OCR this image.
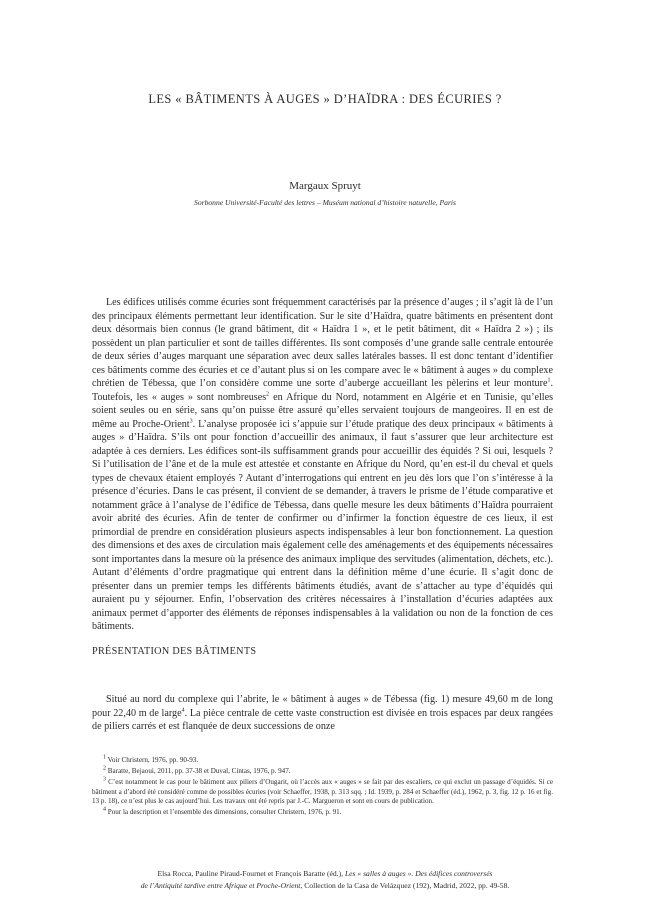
LES « BÂTIMENTS À AUGES » D’HAÏDRA : DES ÉCURIES ?
Margaux Spruyt
Sorbonne Université-Faculté des lettres – Muséum national d’histoire naturelle, Paris

Les édifices utilisés comme écuries sont fréquemment caractérisés par la présence d’auges ; il s’agit là de l’un des principaux éléments permettant leur identification. Sur le site d’Haïdra, quatre bâtiments en présentent dont deux désormais bien connus (le grand bâtiment, dit « Haïdra 1 », et le petit bâtiment, dit « Haïdra 2 ») ; ils possèdent un plan particulier et sont de tailles différentes. Ils sont composés d’une grande salle centrale entourée de deux séries d’auges marquant une séparation avec deux salles latérales basses. Il est donc tentant d’identifier ces bâtiments comme des écuries et ce d’autant plus si on les compare avec le « bâtiment à auges » du complexe chrétien de Tébessa, que l’on considère comme une sorte d’auberge accueillant les pèlerins et leur monture$^1$. Toutefois, les « auges » sont nombreuses$^2$ en Afrique du Nord, notamment en Algérie et en Tunisie, qu’elles soient seules ou en série, sans qu’on puisse être assuré qu’elles servaient toujours de mangeoires. Il en est de même au Proche-Orient$^3$. L’analyse proposée ici s’appuie sur l’étude pratique des deux principaux « bâtiments à auges » d’Haïdra. S’ils ont pour fonction d’accueillir des animaux, il faut s’assurer que leur architecture est adaptée à ces derniers. Les édifices sont-ils suffisamment grands pour accueillir des équidés ? Si oui, lesquels ? Si l’utilisation de l’âne et de la mule est attestée et constante en Afrique du Nord, qu’en est-il du cheval et quels types de chevaux étaient employés ? Autant d’interrogations qui entrent en jeu dès lors que l’on s’intéresse à la présence d’écuries. Dans le cas présent, il convient de se demander, à travers le prisme de l’étude comparative et notamment grâce à l’analyse de l’édifice de Tébessa, dans quelle mesure les deux bâtiments d’Haïdra pourraient avoir abrité des écuries. Afin de tenter de confirmer ou d’infirmer la fonction équestre de ces lieux, il est primordial de prendre en considération plusieurs aspects indispensables à leur bon fonctionnement. La question des dimensions et des axes de circulation mais également celle des aménagements et des équipements nécessaires sont importantes dans la mesure où la présence des animaux implique des servitudes (alimentation, déchets, etc.). Autant d’éléments d’ordre pragmatique qui entrent dans la définition même d’une écurie. Il s’agit donc de présenter dans un premier temps les différents bâtiments étudiés, avant de s’attacher au type d’équidés qui auraient pu y séjourner. Enfin, l’observation des critères nécessaires à l’installation d’écuries adaptées aux animaux permet d’apporter des éléments de réponses indispensables à la validation ou non de la fonction de ces bâtiments.

PRÉSENTATION DES BÂTIMENTS

Situé au nord du complexe qui l’abrite, le « bâtiment à auges » de Tébessa (fig. 1) mesure 49,60 m de long pour 22,40 m de large$^4$. La pièce centrale de cette vaste construction est divisée en trois espaces par deux rangées de piliers carrés et est flanquée de deux successions de onze

$^1$ Voir Christern, 1976, pp. 90-93.

$^2$ Baratte, Bejaoui, 2011, pp. 37-38 et Duval, Cintas, 1976, p. 947.

$^3$ C’est notamment le cas pour le bâtiment aux piliers d’Ougarit, où l’accès aux « auges » se fait par des escaliers, ce qui exclut un passage d’équidés. Si ce bâtiment a d’abord été considéré comme de possibles écuries (voir Schaeffer, 1938, p. 313 sqq. ; Id. 1939, p. 284 et Schaeffer (éd.), 1962, p. 3, fig. 12 p. 16 et fig. 13 p. 18), ce n’est plus le cas aujourd’hui. Les travaux ont été repris par J.-C. Margueron et sont en cours de publication.

$^4$ Pour la description et l’ensemble des dimensions, consulter Christern, 1976, p. 91.

Elsa Rocca, Pauline Piraud-Fournet et François Baratte (éd.), Les « salles à auges ». Des édifices controversés
de l’Antiquité tardive entre Afrique et Proche-Orient, Collection de la Casa de Velázquez (192), Madrid, 2022, pp. 49-58.
